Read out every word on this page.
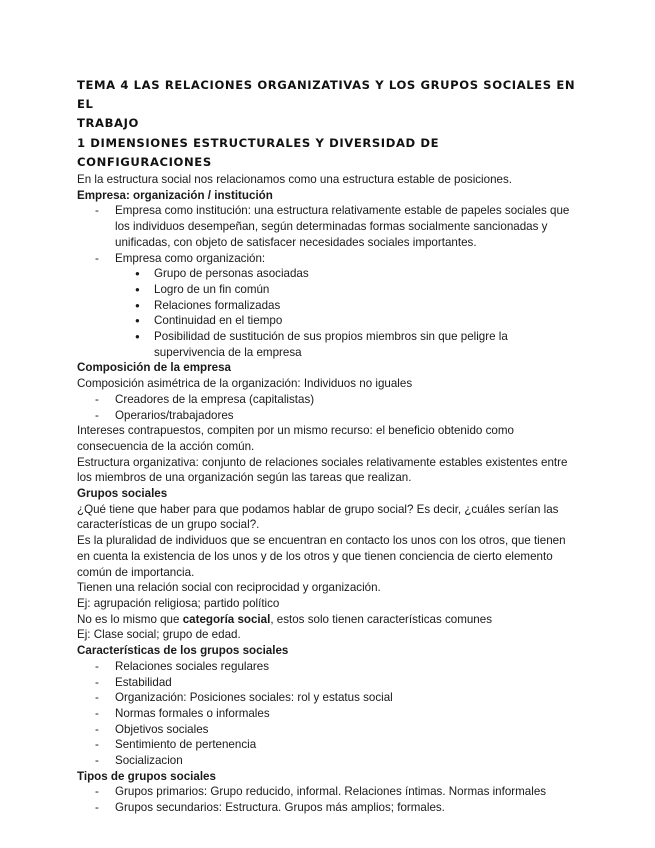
TEMA 4 LAS RELACIONES ORGANIZATIVAS Y LOS GRUPOS SOCIALES EN EL

TRABAJO

1 DIMENSIONES ESTRUCTURALES Y DIVERSIDAD DE CONFIGURACIONES

En la estructura social nos relacionamos como una estructura estable de posiciones.

Empresa: organización / institución

- Empresa como institución: una estructura relativamente estable de papeles sociales que los individuos desempeñan, según determinadas formas socialmente sancionadas y unificadas, con objeto de satisfacer necesidades sociales importantes.
- Empresa como organización:
● Grupo de personas asociadas
● Logro de un fin común
● Relaciones formalizadas
● Continuidad en el tiempo
● Posibilidad de sustitución de sus propios miembros sin que peligre la supervivencia de la empresa

Composición de la empresa

Composición asimétrica de la organización: Individuos no iguales

- Creadores de la empresa (capitalistas)
- Operarios/trabajadores

Intereses contrapuestos, compiten por un mismo recurso: el beneficio obtenido como consecuencia de la acción común.

Estructura organizativa: conjunto de relaciones sociales relativamente estables existentes entre los miembros de una organización según las tareas que realizan.

Grupos sociales

¿Qué tiene que haber para que podamos hablar de grupo social? Es decir, ¿cuáles serían las características de un grupo social?.

Es la pluralidad de individuos que se encuentran en contacto los unos con los otros, que tienen en cuenta la existencia de los unos y de los otros y que tienen conciencia de cierto elemento común de importancia.

Tienen una relación social con reciprocidad y organización.

Ej: agrupación religiosa; partido político

No es lo mismo que categoría social, estos solo tienen características comunes

Ej: Clase social; grupo de edad.

Características de los grupos sociales

- Relaciones sociales regulares
- Estabilidad
- Organización: Posiciones sociales: rol y estatus social
- Normas formales o informales
- Objetivos sociales
- Sentimiento de pertenencia
- Socializacion

Tipos de grupos sociales

- Grupos primarios: Grupo reducido, informal. Relaciones íntimas. Normas informales
- Grupos secundarios: Estructura. Grupos más amplios; formales.
